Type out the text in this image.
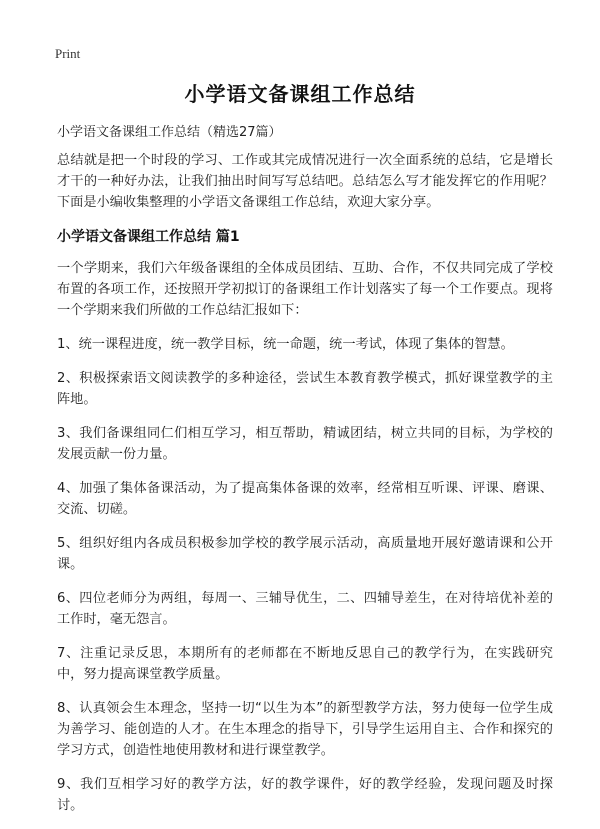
Print
小学语文备课组工作总结
小学语文备课组工作总结（精选27篇）

总结就是把一个时段的学习、工作或其完成情况进行一次全面系统的总结，它是增长才干的一种好办法，让我们抽出时间写写总结吧。总结怎么写才能发挥它的作用呢？下面是小编收集整理的小学语文备课组工作总结，欢迎大家分享。

小学语文备课组工作总结 篇1

一个学期来，我们六年级备课组的全体成员团结、互助、合作，不仅共同完成了学校布置的各项工作，还按照开学初拟订的备课组工作计划落实了每一个工作要点。现将一个学期来我们所做的工作总结汇报如下：

1、统一课程进度，统一教学目标，统一命题，统一考试，体现了集体的智慧。

2、积极探索语文阅读教学的多种途径，尝试生本教育教学模式，抓好课堂教学的主阵地。

3、我们备课组同仁们相互学习，相互帮助，精诚团结，树立共同的目标，为学校的发展贡献一份力量。

4、加强了集体备课活动，为了提高集体备课的效率，经常相互听课、评课、磨课、交流、切磋。

5、组织好组内各成员积极参加学校的教学展示活动，高质量地开展好邀请课和公开课。

6、四位老师分为两组，每周一、三辅导优生，二、四辅导差生，在对待培优补差的工作时，毫无怨言。

7、注重记录反思，本期所有的老师都在不断地反思自己的教学行为，在实践研究中，努力提高课堂教学质量。

8、认真领会生本理念，坚持一切“以生为本”的新型教学方法，努力使每一位学生成为善学习、能创造的人才。在生本理念的指导下，引导学生运用自主、合作和探究的学习方式，创造性地使用教材和进行课堂教学。

9、我们互相学习好的教学方法，好的教学课件，好的教学经验，发现问题及时探讨。
